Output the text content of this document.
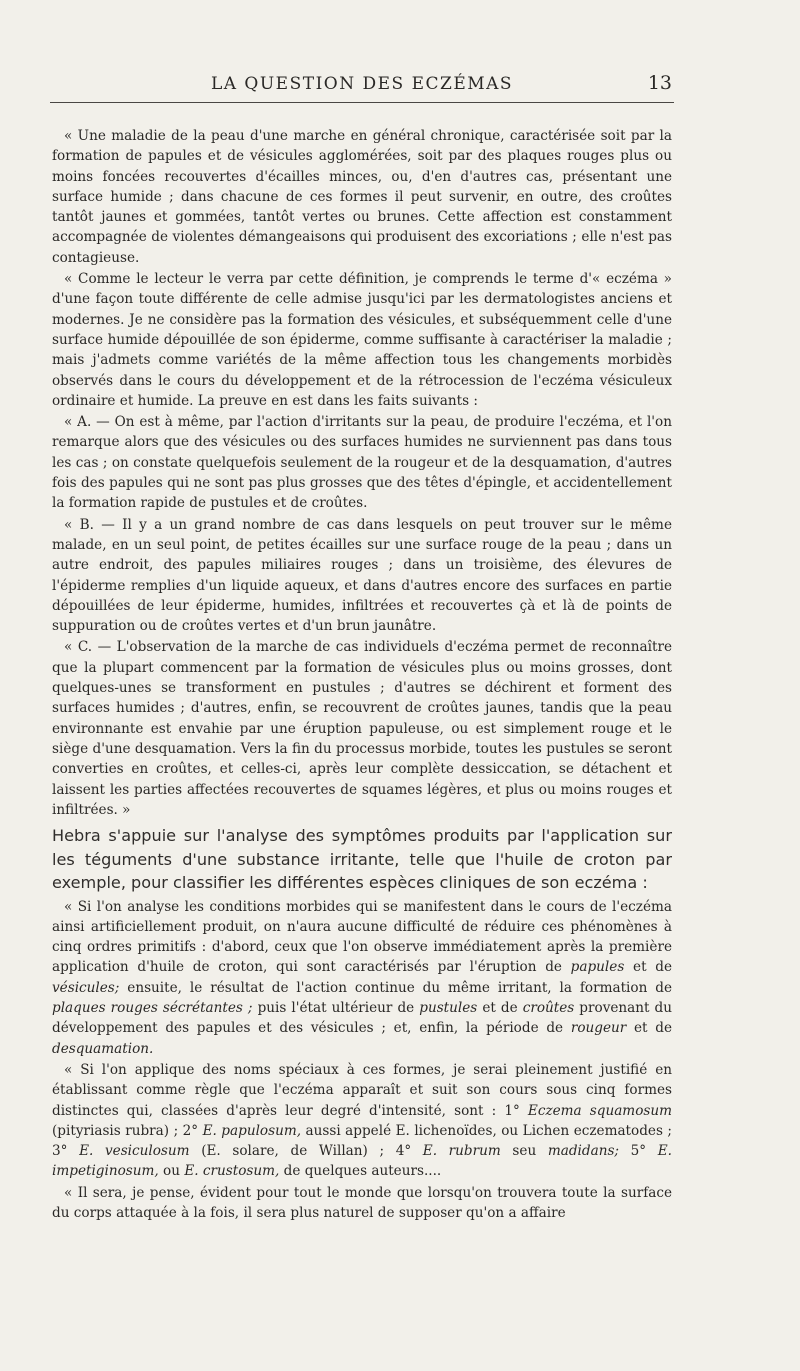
LA QUESTION DES ECZÉMAS	13

« Une maladie de la peau d'une marche en général chronique, caractérisée soit par la formation de papules et de vésicules agglomérées, soit par des plaques rouges plus ou moins foncées recouvertes d'écailles minces, ou, d'en d'autres cas, présentant une surface humide ; dans chacune de ces formes il peut survenir, en outre, des croûtes tantôt jaunes et gommées, tantôt vertes ou brunes. Cette affection est constamment accompagnée de violentes démangeaisons qui produisent des excoriations ; elle n'est pas contagieuse.

« Comme le lecteur le verra par cette définition, je comprends le terme d'« eczéma » d'une façon toute différente de celle admise jusqu'ici par les dermatologistes anciens et modernes. Je ne considère pas la formation des vésicules, et subséquemment celle d'une surface humide dépouillée de son épiderme, comme suffisante à caractériser la maladie ; mais j'admets comme variétés de la même affection tous les changements morbidès observés dans le cours du développement et de la rétrocession de l'eczéma vésiculeux ordinaire et humide. La preuve en est dans les faits suivants :

« A. — On est à même, par l'action d'irritants sur la peau, de produire l'eczéma, et l'on remarque alors que des vésicules ou des surfaces humides ne surviennent pas dans tous les cas ; on constate quelquefois seulement de la rougeur et de la desquamation, d'autres fois des papules qui ne sont pas plus grosses que des têtes d'épingle, et accidentellement la formation rapide de pustules et de croûtes.

« B. — Il y a un grand nombre de cas dans lesquels on peut trouver sur le même malade, en un seul point, de petites écailles sur une surface rouge de la peau ; dans un autre endroit, des papules miliaires rouges ; dans un troisième, des élevures de l'épiderme remplies d'un liquide aqueux, et dans d'autres encore des surfaces en partie dépouillées de leur épiderme, humides, infiltrées et recouvertes çà et là de points de suppuration ou de croûtes vertes et d'un brun jaunâtre.

« C. — L'observation de la marche de cas individuels d'eczéma permet de reconnaître que la plupart commencent par la formation de vésicules plus ou moins grosses, dont quelques-unes se transforment en pustules ; d'autres se déchirent et forment des surfaces humides ; d'autres, enfin, se recouvrent de croûtes jaunes, tandis que la peau environnante est envahie par une éruption papuleuse, ou est simplement rouge et le siège d'une desquamation. Vers la fin du processus morbide, toutes les pustules se seront converties en croûtes, et celles-ci, après leur complète dessiccation, se détachent et laissent les parties affectées recouvertes de squames légères, et plus ou moins rouges et infiltrées. »

Hebra s'appuie sur l'analyse des symptômes produits par l'application sur les téguments d'une substance irritante, telle que l'huile de croton par exemple, pour classifier les différentes espèces cliniques de son eczéma :

« Si l'on analyse les conditions morbides qui se manifestent dans le cours de l'eczéma ainsi artificiellement produit, on n'aura aucune difficulté de réduire ces phénomènes à cinq ordres primitifs : d'abord, ceux que l'on observe immédiatement après la première application d'huile de croton, qui sont caractérisés par l'éruption de papules et de vésicules; ensuite, le résultat de l'action continue du même irritant, la formation de plaques rouges sécrétantes ; puis l'état ultérieur de pustules et de croûtes provenant du développement des papules et des vésicules ; et, enfin, la période de rougeur et de desquamation.

« Si l'on applique des noms spéciaux à ces formes, je serai pleinement justifié en établissant comme règle que l'eczéma apparaît et suit son cours sous cinq formes distinctes qui, classées d'après leur degré d'intensité, sont : 1° Eczema squamosum (pityriasis rubra) ; 2° E. papulosum, aussi appelé E. lichenoïdes, ou Lichen eczematodes ; 3° E. vesiculosum (E. solare, de Willan) ; 4° E. rubrum seu madidans; 5° E. impetiginosum, ou E. crustosum, de quelques auteurs....

« Il sera, je pense, évident pour tout le monde que lorsqu'on trouvera toute la surface du corps attaquée à la fois, il sera plus naturel de supposer qu'on a affaire
